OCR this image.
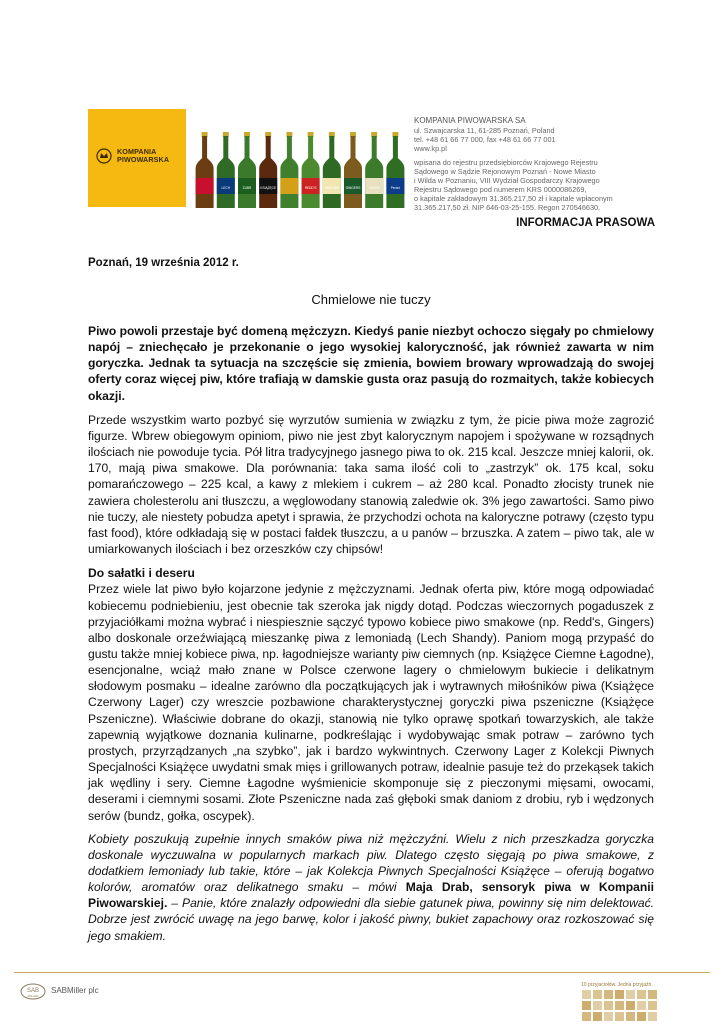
KOMPANIA
PIWOWARSKA
LECH	ŻUBR	KSIĄŻĘCE	REDD'S	DEBOWE GINGERS	GRAND	Peroni
KOMPANIA PIWOWARSKA SA
ul. Szwajcarska 11, 61-285 Poznań, Poland
tel. +48 61 66 77 000, fax +48 61 66 77 001
www.kp.pl
wpisana do rejestru przedsiębiorców Krajowego Rejestru
Sądowego w Sądzie Rejonowym Poznań - Nowe Miasto
i Wilda w Poznaniu, VIII Wydział Gospodarczy Krajowego
Rejestru Sądowego pod numerem KRS 0000086269,
o kapitale zakładowym 31.365.217,50 zł i kapitale wpłaconym
31.365.217,50 zł. NIP 646-03-25-155. Regon 270546630.
INFORMACJA PRASOWA
Poznań, 19 września 2012 r.
Chmielowe nie tuczy

Piwo powoli przestaje być domeną mężczyzn. Kiedyś panie niezbyt ochoczo sięgały po chmielowy napój – zniechęcało je przekonanie o jego wysokiej kaloryczność, jak również zawarta w nim goryczka. Jednak ta sytuacja na szczęście się zmienia, bowiem browary wprowadzają do swojej oferty coraz więcej piw, które trafiają w damskie gusta oraz pasują do rozmaitych, także kobiecych okazji.

Przede wszystkim warto pozbyć się wyrzutów sumienia w związku z tym, że picie piwa może zagrozić figurze. Wbrew obiegowym opiniom, piwo nie jest zbyt kalorycznym napojem i spożywane w rozsądnych ilościach nie powoduje tycia. Pół litra tradycyjnego jasnego piwa to ok. 215 kcal. Jeszcze mniej kalorii, ok. 170, mają piwa smakowe. Dla porównania: taka sama ilość coli to „zastrzyk” ok. 175 kcal, soku pomarańczowego – 225 kcal, a kawy z mlekiem i cukrem – aż 280 kcal. Ponadto złocisty trunek nie zawiera cholesterolu ani tłuszczu, a węglowodany stanowią zaledwie ok. 3% jego zawartości. Samo piwo nie tuczy, ale niestety pobudza apetyt i sprawia, że przychodzi ochota na kaloryczne potrawy (często typu fast food), które odkładają się w postaci fałdek tłuszczu, a u panów – brzuszka. A zatem – piwo tak, ale w umiarkowanych ilościach i bez orzeszków czy chipsów!

Do sałatki i deseru

Przez wiele lat piwo było kojarzone jedynie z mężczyznami. Jednak oferta piw, które mogą odpowiadać kobiecemu podniebieniu, jest obecnie tak szeroka jak nigdy dotąd. Podczas wieczornych pogaduszek z przyjaciółkami można wybrać i niespiesznie sączyć typowo kobiece piwo smakowe (np. Redd's, Gingers) albo doskonale orzeźwiającą mieszankę piwa z lemoniadą (Lech Shandy). Paniom mogą przypaść do gustu także mniej kobiece piwa, np. łagodniejsze warianty piw ciemnych (np. Książęce Ciemne Łagodne), esencjonalne, wciąż mało znane w Polsce czerwone lagery o chmielowym bukiecie i delikatnym słodowym posmaku – idealne zarówno dla początkujących jak i wytrawnych miłośników piwa (Książęce Czerwony Lager) czy wreszcie pozbawione charakterystycznej goryczki piwa pszeniczne (Książęce Pszeniczne). Właściwie dobrane do okazji, stanowią nie tylko oprawę spotkań towarzyskich, ale także zapewnią wyjątkowe doznania kulinarne, podkreślając i wydobywając smak potraw – zarówno tych prostych, przyrządzanych „na szybko”, jak i bardzo wykwintnych. Czerwony Lager z Kolekcji Piwnych Specjalności Książęce uwydatni smak mięs i grillowanych potraw, idealnie pasuje też do przekąsek takich jak wędliny i sery. Ciemne Łagodne wyśmienicie skomponuje się z pieczonymi mięsami, owocami, deserami i ciemnymi sosami. Złote Pszeniczne nada zaś głęboki smak daniom z drobiu, ryb i wędzonych serów (bundz, gołka, oscypek).

Kobiety poszukują zupełnie innych smaków piwa niż mężczyźni. Wielu z nich przeszkadza goryczka doskonale wyczuwalna w popularnych markach piw. Dlatego często sięgają po piwa smakowe, z dodatkiem lemoniady lub takie, które – jak Kolekcja Piwnych Specjalności Książęce – oferują bogatwo kolorów, aromatów oraz delikatnego smaku – mówi Maja Drab, sensoryk piwa w Kompanii Piwowarskiej. – Panie, które znalazły odpowiedni dla siebie gatunek piwa, powinny się nim delektować. Dobrze jest zwrócić uwagę na jego barwę, kolor i jakość piwny, bukiet zapachowy oraz rozkoszować się jego smakiem.

SAB
MILLER
SABMiller plc
10 przyjaciołów. Jedna przyjaźń.
